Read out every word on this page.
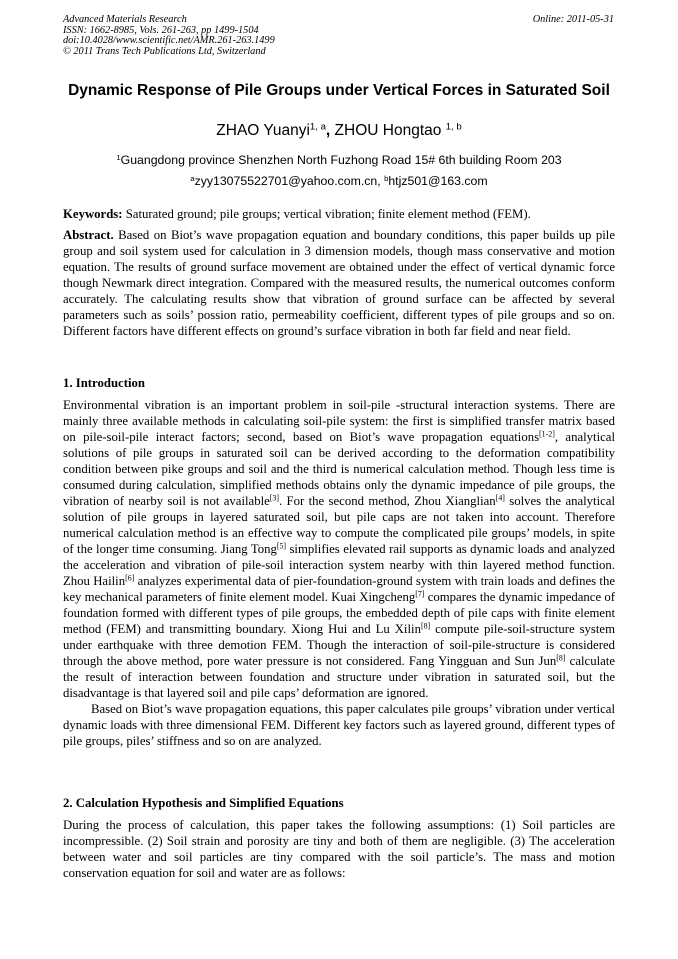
Advanced Materials Research
ISSN: 1662-8985, Vols. 261-263, pp 1499-1504
doi:10.4028/www.scientific.net/AMR.261-263.1499
© 2011 Trans Tech Publications Ltd, Switzerland
Online: 2011-05-31
Dynamic Response of Pile Groups under Vertical Forces in Saturated Soil
ZHAO Yuanyi$^{1, a}$, ZHOU Hongtao $^{1, b}$
$^1$Guangdong province Shenzhen North Fuzhong Road 15# 6th building Room 203
$^a$zyy13075522701@yahoo.com.cn, $^b$htjz501@163.com

Keywords: Saturated ground; pile groups; vertical vibration; finite element method (FEM).

Abstract. Based on Biot’s wave propagation equation and boundary conditions, this paper builds up pile group and soil system used for calculation in 3 dimension models, though mass conservative and motion equation. The results of ground surface movement are obtained under the effect of vertical dynamic force though Newmark direct integration. Compared with the measured results, the numerical outcomes conform accurately. The calculating results show that vibration of ground surface can be affected by several parameters such as soils’ possion ratio, permeability coefficient, different types of pile groups and so on. Different factors have different effects on ground’s surface vibration in both far field and near field.

1. Introduction

Environmental vibration is an important problem in soil-pile -structural interaction systems. There are mainly three available methods in calculating soil-pile system: the first is simplified transfer matrix based on pile-soil-pile interact factors; second, based on Biot’s wave propagation equations[1-2], analytical solutions of pile groups in saturated soil can be derived according to the deformation compatibility condition between pike groups and soil and the third is numerical calculation method. Though less time is consumed during calculation, simplified methods obtains only the dynamic impedance of pile groups, the vibration of nearby soil is not available[3]. For the second method, Zhou Xianglian[4] solves the analytical solution of pile groups in layered saturated soil, but pile caps are not taken into account. Therefore numerical calculation method is an effective way to compute the complicated pile groups’ models, in spite of the longer time consuming. Jiang Tong[5] simplifies elevated rail supports as dynamic loads and analyzed the acceleration and vibration of pile-soil interaction system nearby with thin layered method function. Zhou Hailin[6] analyzes experimental data of pier-foundation-ground system with train loads and defines the key mechanical parameters of finite element model. Kuai Xingcheng[7] compares the dynamic impedance of foundation formed with different types of pile groups, the embedded depth of pile caps with finite element method (FEM) and transmitting boundary. Xiong Hui and Lu Xilin[8] compute pile-soil-structure system under earthquake with three demotion FEM. Though the interaction of soil-pile-structure is considered through the above method, pore water pressure is not considered. Fang Yingguan and Sun Jun[8] calculate the result of interaction between foundation and structure under vibration in saturated soil, but the disadvantage is that layered soil and pile caps’ deformation are ignored.

Based on Biot’s wave propagation equations, this paper calculates pile groups’ vibration under vertical dynamic loads with three dimensional FEM. Different key factors such as layered ground, different types of pile groups, piles’ stiffness and so on are analyzed.

2. Calculation Hypothesis and Simplified Equations

During the process of calculation, this paper takes the following assumptions: (1) Soil particles are incompressible. (2) Soil strain and porosity are tiny and both of them are negligible. (3) The acceleration between water and soil particles are tiny compared with the soil particle’s. The mass and motion conservation equation for soil and water are as follows:
